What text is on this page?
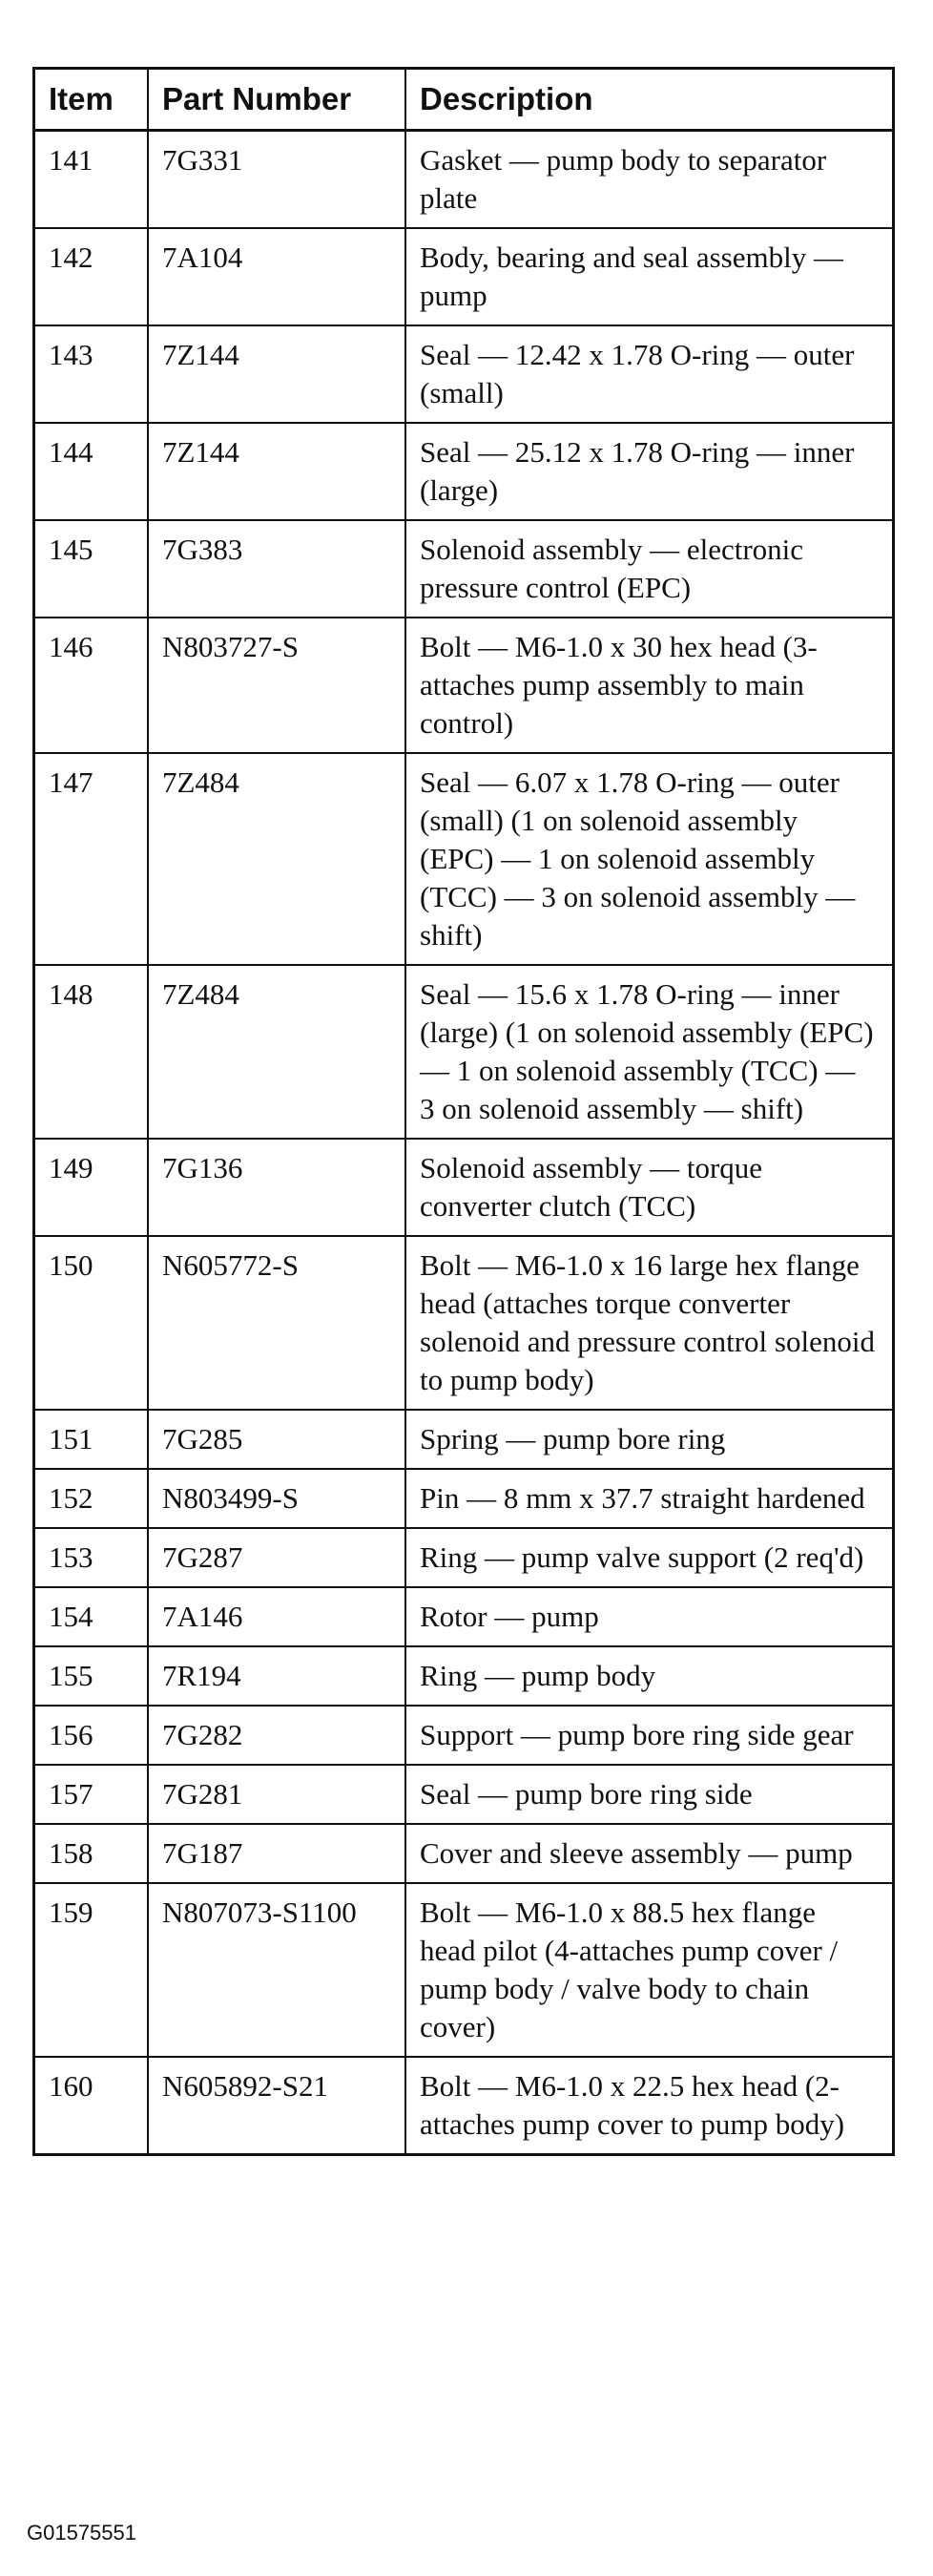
Item	Part Number	Description
141	7G331	Gasket — pump body to separator plate
142	7A104	Body, bearing and seal assembly — pump
143	7Z144	Seal — 12.42 x 1.78 O-ring — outer (small)
144	7Z144	Seal — 25.12 x 1.78 O-ring — inner (large)
145	7G383	Solenoid assembly — electronic pressure control (EPC)
146	N803727-S	Bolt — M6-1.0 x 30 hex head (3-attaches pump assembly to main control)
147	7Z484	Seal — 6.07 x 1.78 O-ring — outer (small) (1 on solenoid assembly (EPC) — 1 on solenoid assembly (TCC) — 3 on solenoid assembly — shift)
148	7Z484	Seal — 15.6 x 1.78 O-ring — inner (large) (1 on solenoid assembly (EPC) — 1 on solenoid assembly (TCC) — 3 on solenoid assembly — shift)
149	7G136	Solenoid assembly — torque converter clutch (TCC)
150	N605772-S	Bolt — M6-1.0 x 16 large hex flange head (attaches torque converter solenoid and pressure control solenoid to pump body)
151	7G285	Spring — pump bore ring
152	N803499-S	Pin — 8 mm x 37.7 straight hardened
153	7G287	Ring — pump valve support (2 req'd)
154	7A146	Rotor — pump
155	7R194	Ring — pump body
156	7G282	Support — pump bore ring side gear
157	7G281	Seal — pump bore ring side
158	7G187	Cover and sleeve assembly — pump
159	N807073-S1100	Bolt — M6-1.0 x 88.5 hex flange head pilot (4-attaches pump cover / pump body / valve body to chain cover)
160	N605892-S21	Bolt — M6-1.0 x 22.5 hex head (2-attaches pump cover to pump body)
G01575551
